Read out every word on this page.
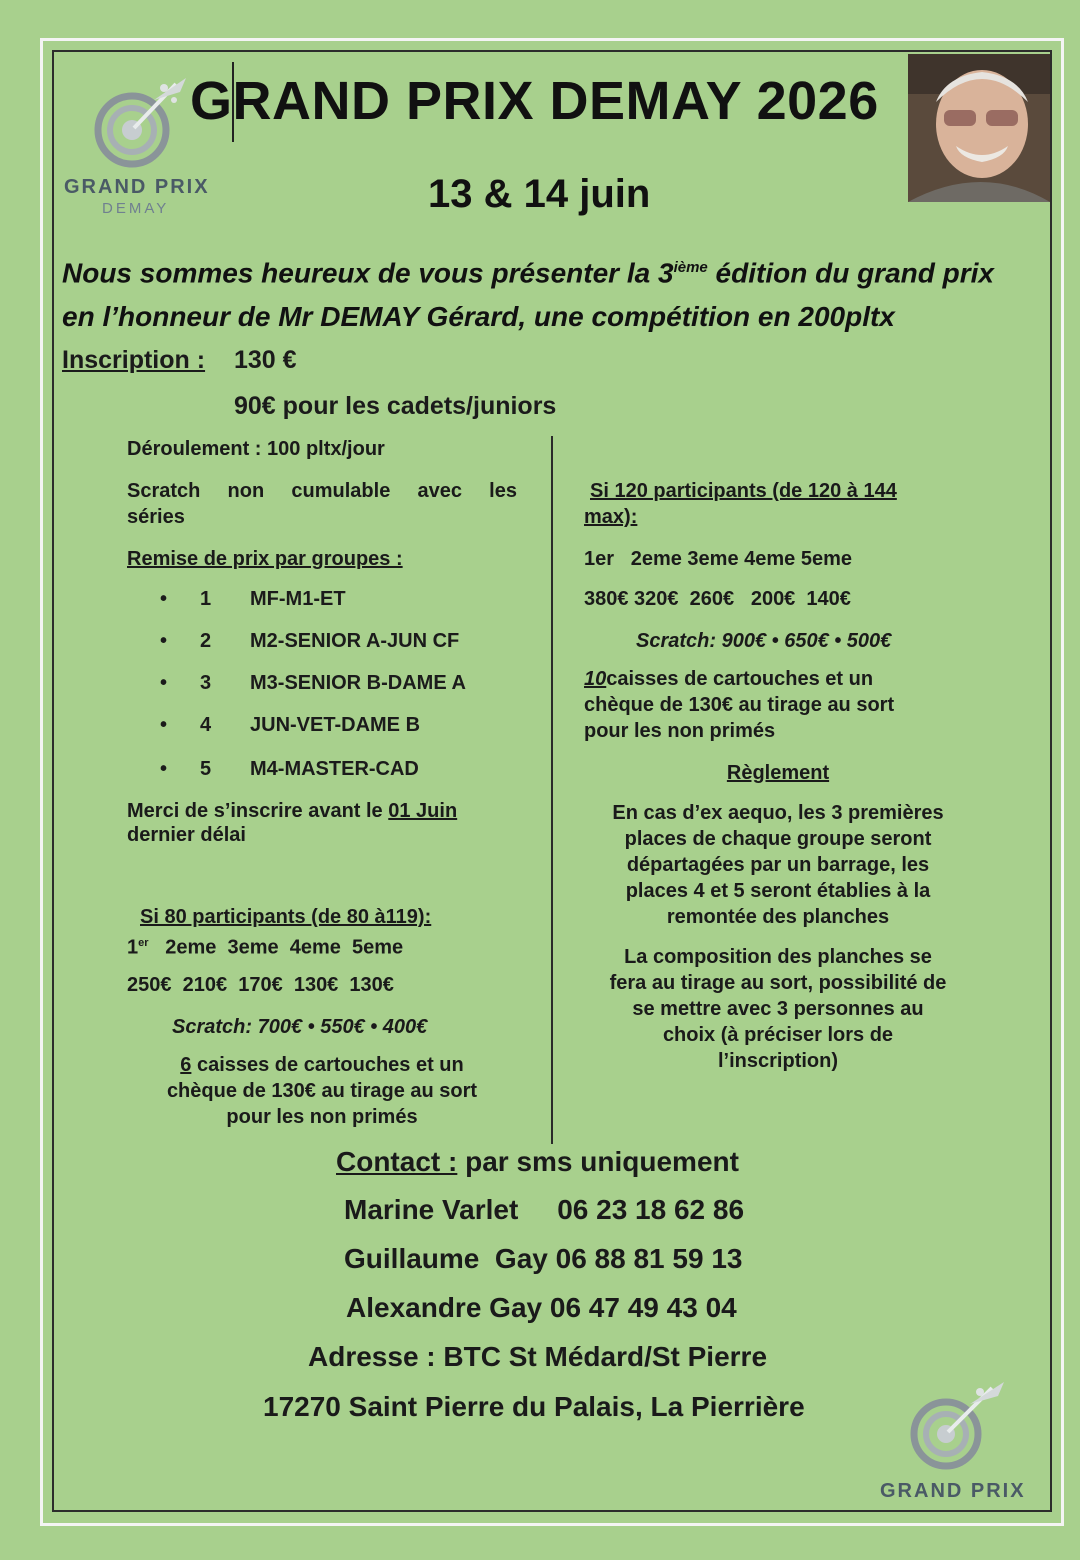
GRAND PRIX
DEMAY
GRAND PRIX DEMAY 2026
13 & 14 juin
Nous sommes heureux de vous présenter la 3ième édition du grand prix
en l’honneur de Mr DEMAY Gérard, une compétition en 200pltx
Inscription : 130 €
90€ pour les cadets/juniors
Déroulement : 100 pltx/jour
Scratch non cumulable avec les
séries
Remise de prix par groupes :
• 1 MF-M1-ET
• 2 M2-SENIOR A-JUN CF
• 3 M3-SENIOR B-DAME A
• 4 JUN-VET-DAME B
• 5 M4-MASTER-CAD
Merci de s’inscrire avant le 01 Juin
dernier délai
Si 80 participants (de 80 à119):
1er 2eme  3eme  4eme  5eme
250€  210€  170€  130€  130€
Scratch: 700€ • 550€ • 400€
6 caisses de cartouches et un
chèque de 130€ au tirage au sort
pour les non primés
Si 120 participants (de 120 à 144
max):
1er   2eme 3eme 4eme 5eme
380€ 320€  260€   200€  140€
Scratch: 900€ • 650€ • 500€
10caisses de cartouches et un
chèque de 130€ au tirage au sort
pour les non primés
Règlement
En cas d’ex aequo, les 3 premières
places de chaque groupe seront
départagées par un barrage, les
places 4 et 5 seront établies à la
remontée des planches
La composition des planches se
fera au tirage au sort, possibilité de
se mettre avec 3 personnes au
choix (à préciser lors de
l’inscription)
Contact : par sms uniquement
Marine Varlet     06 23 18 62 86
Guillaume  Gay 06 88 81 59 13
Alexandre Gay 06 47 49 43 04
Adresse : BTC St Médard/St Pierre
17270 Saint Pierre du Palais, La Pierrière
GRAND PRIX
